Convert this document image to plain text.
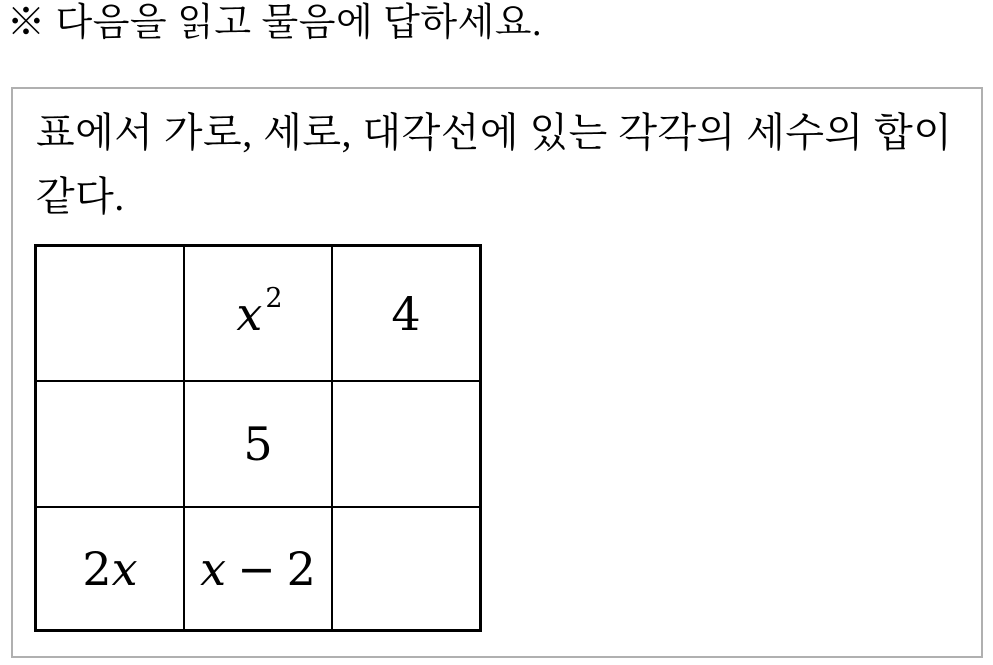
※ 다음을 읽고 물음에 답하세요.

표에서 가로, 세로, 대각선에 있는 각각의 세수의 합이
같다.

	x $^2$	4
	5	
2x	x − 2	
